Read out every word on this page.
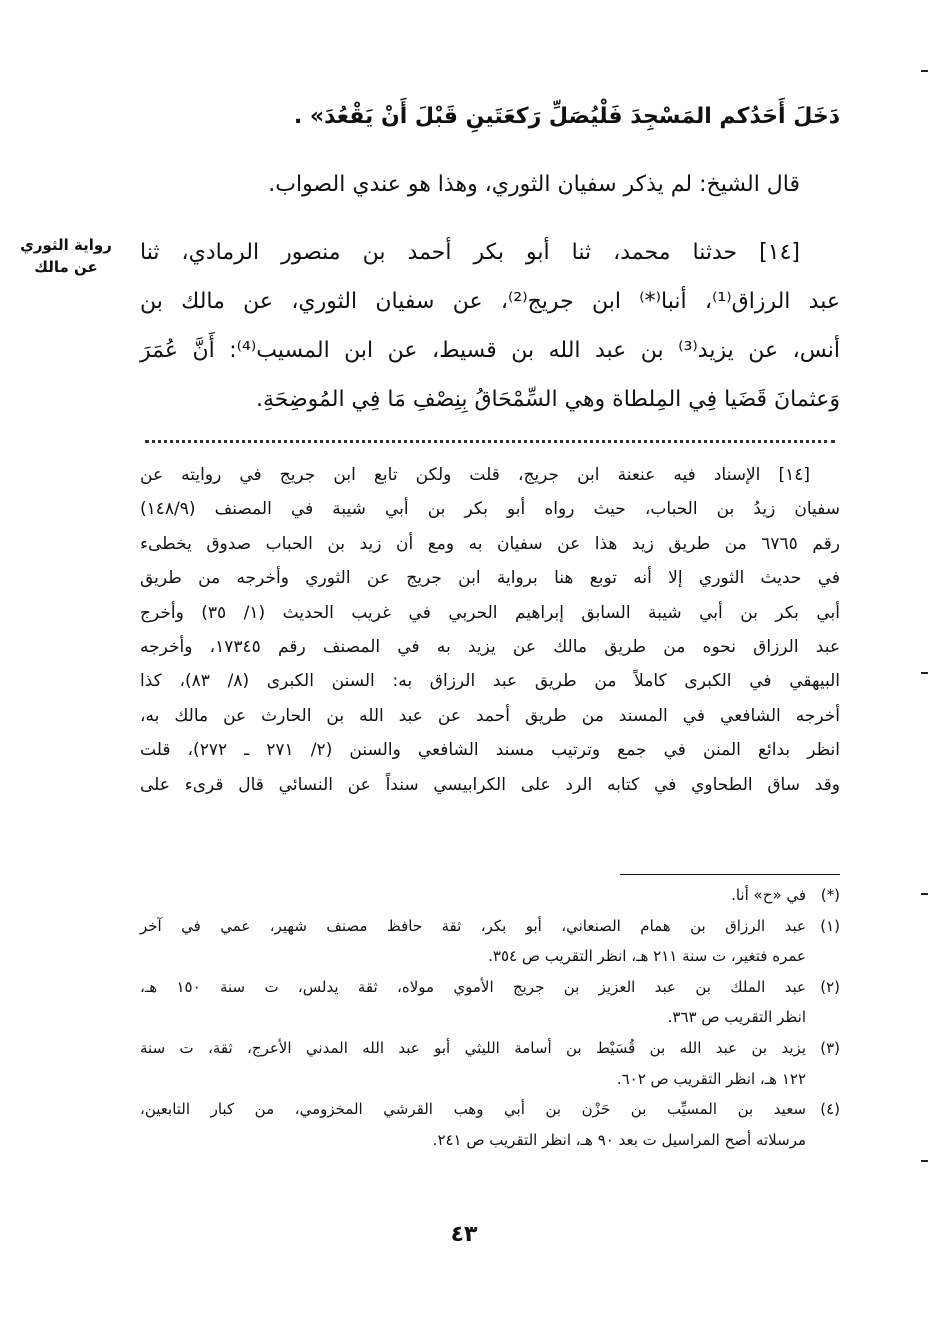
دَخَلَ أَحَدُكم المَسْجِدَ فَلْيُصَلِّ رَكعَتَينِ قَبْلَ أَنْ يَقْعُدَ» .
قال الشيخ: لم يذكر سفيان الثوري، وهذا هو عندي الصواب.
[١٤] حدثنا محمد، ثنا أبو بكر أحمد بن منصور الرمادي، ثنا
عبد الرزاق⁽¹⁾، أنبا⁽*⁾ ابن جريج⁽²⁾، عن سفيان الثوري، عن مالك بن
أنس، عن يزيد⁽³⁾ بن عبد الله بن قسيط، عن ابن المسيب⁽⁴⁾: أَنَّ عُمَرَ
وَعثمانَ قَضَيا فِي المِلطاة وهي السِّمْحَاقُ بِنِصْفِ مَا فِي المُوضِحَةِ.
رواية الثوري
عن مالك
[١٤] الإسناد فيه عنعنة ابن جريج، قلت ولكن تابع ابن جريج في روايته عن
سفيان زيدُ بن الحباب، حيث رواه أبو بكر بن أبي شيبة في المصنف (١٤٨/٩)
رقم ٦٧٦٥ من طريق زيد هذا عن سفيان به ومع أن زيد بن الحباب صدوق يخطىء
في حديث الثوري إلا أنه توبع هنا برواية ابن جريج عن الثوري وأخرجه من طريق
أبي بكر بن أبي شيبة السابق إبراهيم الحربي في غريب الحديث (١/ ٣٥) وأخرج
عبد الرزاق نحوه من طريق مالك عن يزيد به في المصنف رقم ١٧٣٤٥، وأخرجه
البيهقي في الكبرى كاملاً من طريق عبد الرزاق به: السنن الكبرى (٨/ ٨٣)، كذا
أخرجه الشافعي في المسند من طريق أحمد عن عبد الله بن الحارث عن مالك به،
انظر بدائع المنن في جمع وترتيب مسند الشافعي والسنن (٢/ ٢٧١ ـ ٢٧٢)، قلت
وقد ساق الطحاوي في كتابه الرد على الكرابيسي سنداً عن النسائي قال قرىء على
(*)
في «ح» أنا.
(١)
عبد الرزاق بن همام الصنعاني، أبو بكر، ثقة حافظ مصنف شهير، عمي في آخر
عمره فتغير، ت سنة ٢١١ هـ، انظر التقريب ص ٣٥٤.
(٢)
عبد الملك بن عبد العزيز بن جريج الأموي مولاه، ثقة يدلس، ت سنة ١٥٠ هـ،
انظر التقريب ص ٣٦٣.
(٣)
يزيد بن عبد الله بن قُسَيْط بن أسامة الليثي أبو عبد الله المدني الأعرج، ثقة، ت سنة
١٢٢ هـ، انظر التقريب ص ٦٠٢.
(٤)
سعيد بن المسيِّب بن حَزْن بن أبي وهب القرشي المخزومي، من كبار التابعين،
مرسلاته أصح المراسيل ت بعد ٩٠ هـ، انظر التقريب ص ٢٤١.
٤٣
